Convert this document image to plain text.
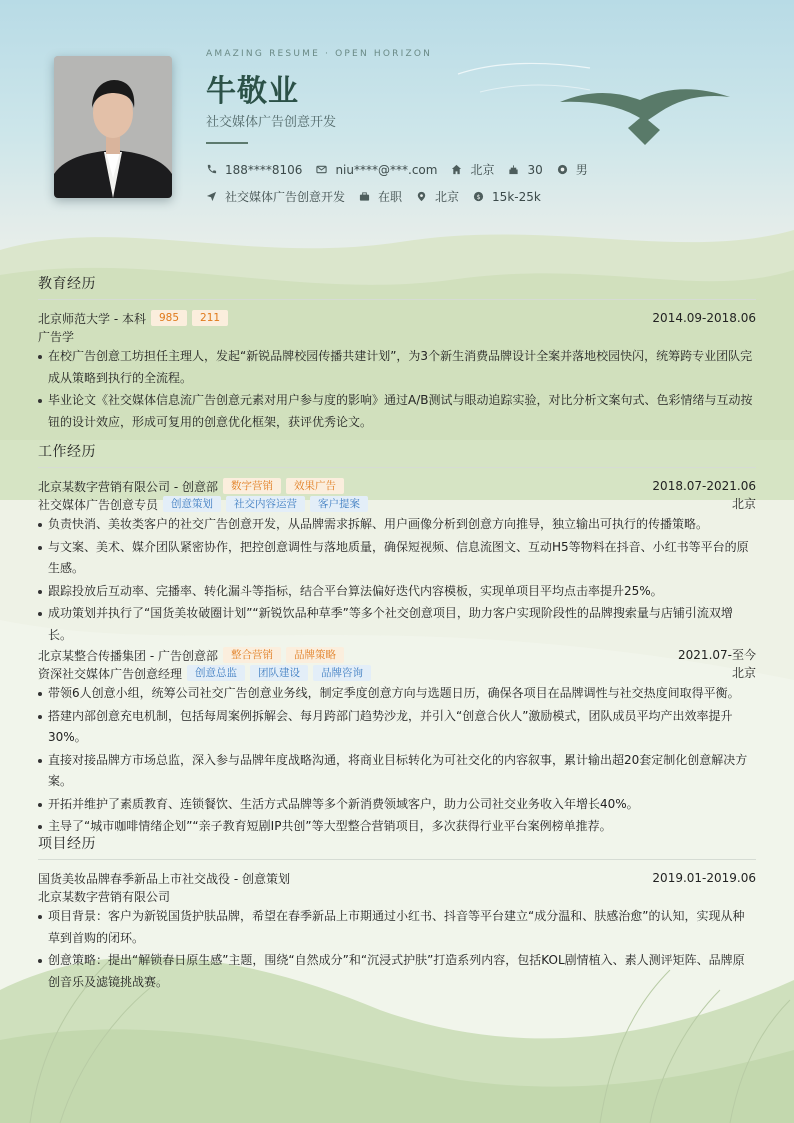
AMAZING RESUME · OPEN HORIZON
牛敬业
社交媒体广告创意开发
188****8106	niu****@***.com	北京	30	男
社交媒体广告创意开发	在职	北京 $ 15k-25k
教育经历
北京师范大学 - 本科	985	211	2014.09-2018.06
广告学
在校广告创意工坊担任主理人，发起“新锐品牌校园传播共建计划”，为3个新生消费品牌设计全案并落地校园快闪，统筹跨专业团队完成从策略到执行的全流程。
毕业论文《社交媒体信息流广告创意元素对用户参与度的影响》通过A/B测试与眼动追踪实验，对比分析文案句式、色彩情绪与互动按钮的设计效应，形成可复用的创意优化框架，获评优秀论文。
工作经历
北京某数字营销有限公司 - 创意部	数字营销	效果广告	2018.07-2021.06
社交媒体广告创意专员	创意策划	社交内容运营	客户提案	北京
负责快消、美妆类客户的社交广告创意开发，从品牌需求拆解、用户画像分析到创意方向推导，独立输出可执行的传播策略。
与文案、美术、媒介团队紧密协作，把控创意调性与落地质量，确保短视频、信息流图文、互动H5等物料在抖音、小红书等平台的原生感。
跟踪投放后互动率、完播率、转化漏斗等指标，结合平台算法偏好迭代内容模板，实现单项目平均点击率提升25%。
成功策划并执行了“国货美妆破圈计划”“新锐饮品种草季”等多个社交创意项目，助力客户实现阶段性的品牌搜索量与店铺引流双增长。
北京某整合传播集团 - 广告创意部	整合营销	品牌策略	2021.07-至今
资深社交媒体广告创意经理	创意总监	团队建设	品牌咨询	北京
带领6人创意小组，统筹公司社交广告创意业务线，制定季度创意方向与选题日历，确保各项目在品牌调性与社交热度间取得平衡。
搭建内部创意充电机制，包括每周案例拆解会、每月跨部门趋势沙龙，并引入“创意合伙人”激励模式，团队成员平均产出效率提升30%。
直接对接品牌方市场总监，深入参与品牌年度战略沟通，将商业目标转化为可社交化的内容叙事，累计输出超20套定制化创意解决方案。
开拓并维护了素质教育、连锁餐饮、生活方式品牌等多个新消费领域客户，助力公司社交业务收入年增长40%。
主导了“城市咖啡情绪企划”“亲子教育短剧IP共创”等大型整合营销项目，多次获得行业平台案例榜单推荐。
项目经历
国货美妆品牌春季新品上市社交战役 - 创意策划	2019.01-2019.06
北京某数字营销有限公司
项目背景：客户为新锐国货护肤品牌，希望在春季新品上市期通过小红书、抖音等平台建立“成分温和、肤感治愈”的认知，实现从种草到首购的闭环。
创意策略：提出“解锁春日原生感”主题，围绕“自然成分”和“沉浸式护肤”打造系列内容，包括KOL剧情植入、素人测评矩阵、品牌原创音乐及滤镜挑战赛。
